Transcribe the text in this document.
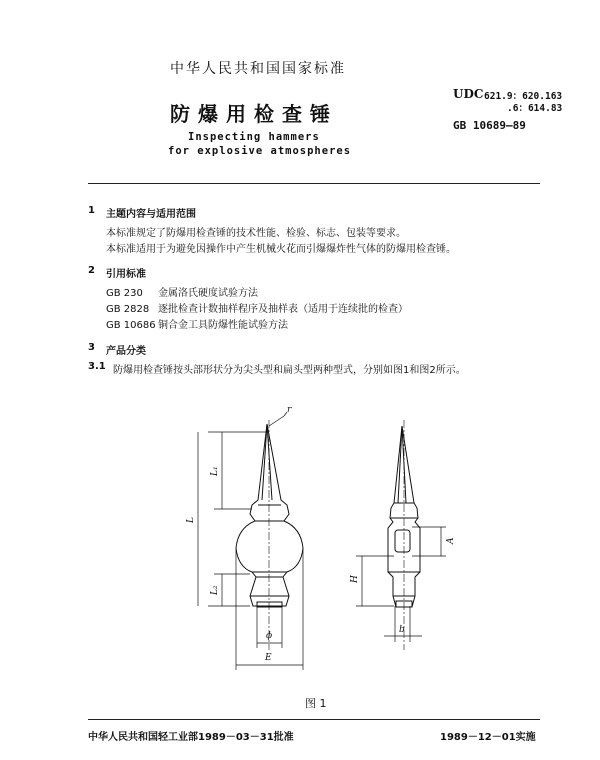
中华人民共和国国家标准
防爆用检查锤
Inspecting hammers
for explosive atmospheres
UDC 621.9：620.163
.6：614.83
GB 10689—89
1 主题内容与适用范围
本标准规定了防爆用检查锤的技术性能、检验、标志、包装等要求。
本标准适用于为避免因操作中产生机械火花而引爆爆炸性气体的防爆用检查锤。
2 引用标准
GB 230 金属洛氏硬度试验方法
GB 2828 逐批检查计数抽样程序及抽样表（适用于连续批的检查）
GB 10686 铜合金工具防爆性能试验方法
3 产品分类
3.1 防爆用检查锤按头部形状分为尖头型和扁头型两种型式，分别如图1和图2所示。
r
L₁
L
L₂
ϕ
E
H
A
b
图 1
中华人民共和国轻工业部1989－03－31批准	1989－12－01实施
